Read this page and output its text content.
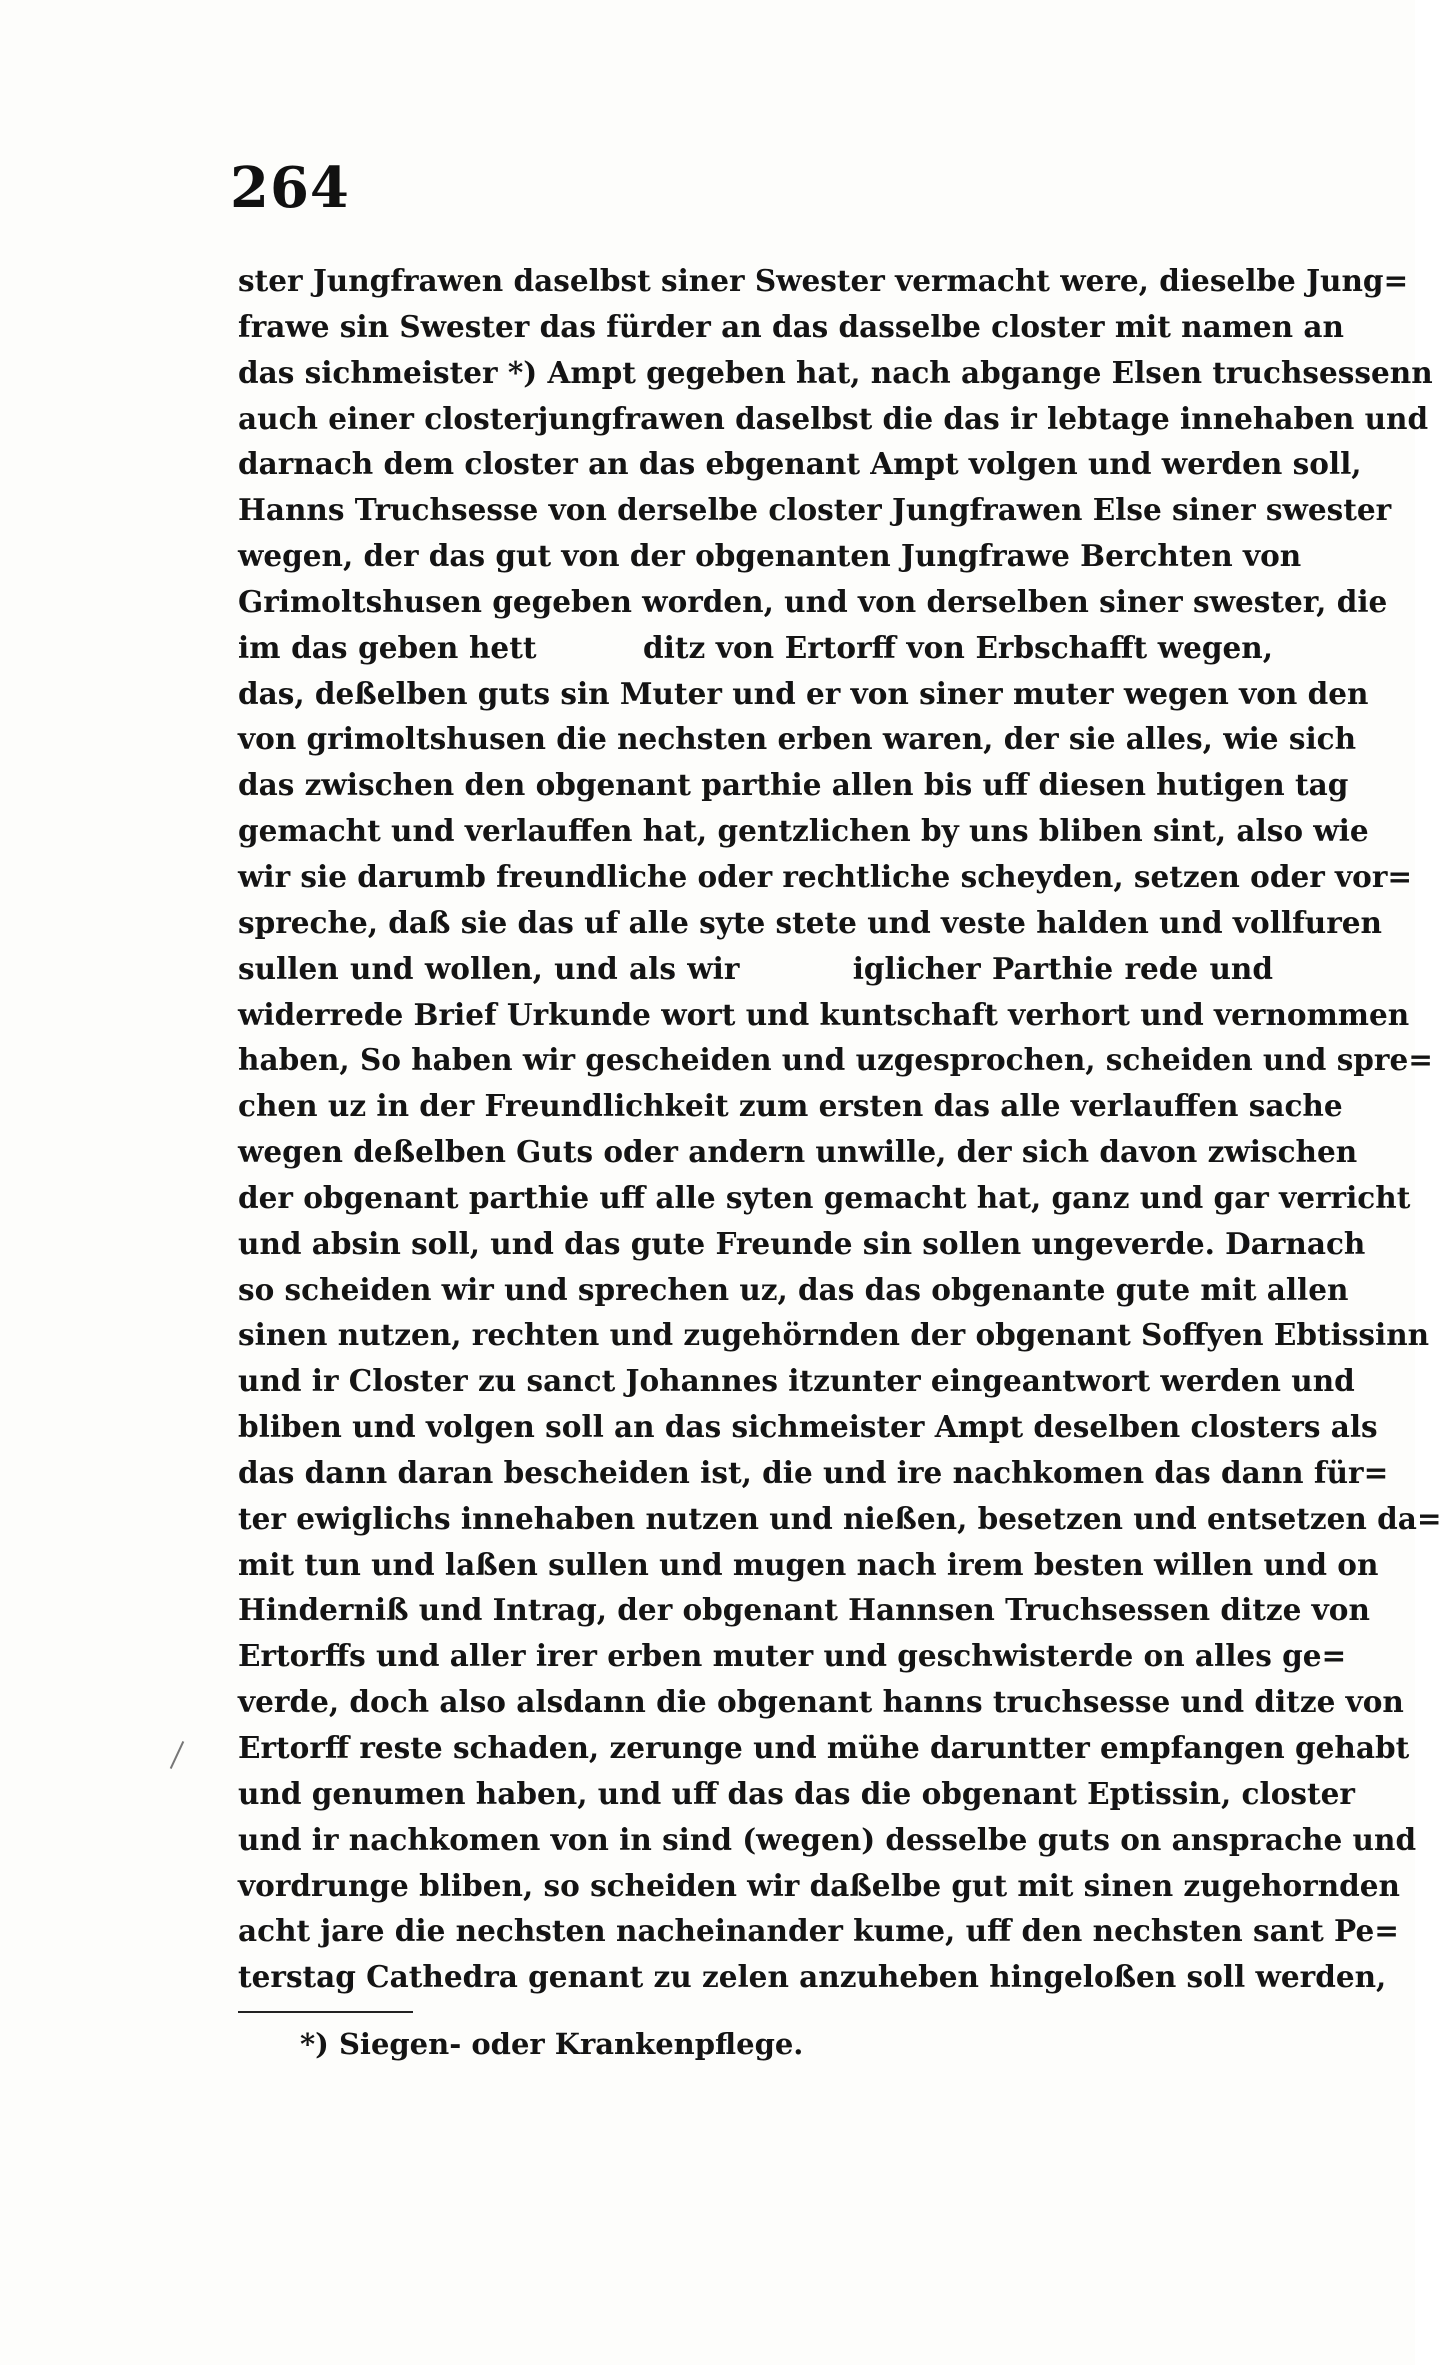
264
ster Jungfrawen daselbst siner Swester vermacht were, dieselbe Jung=
frawe sin Swester das fürder an das dasselbe closter mit namen an
das sichmeister *) Ampt gegeben hat, nach abgange Elsen truchsessenn
auch einer closterjungfrawen daselbst die das ir lebtage innehaben und
darnach dem closter an das ebgenant Ampt volgen und werden soll,
Hanns Truchsesse von derselbe closter Jungfrawen Else siner swester
wegen, der das gut von der obgenanten Jungfrawe Berchten von
Grimoltshusen gegeben worden, und von derselben siner swester, die
im das geben hett          ditz von Ertorff von Erbschafft wegen,
das, deßelben guts sin Muter und er von siner muter wegen von den
von grimoltshusen die nechsten erben waren, der sie alles, wie sich
das zwischen den obgenant parthie allen bis uff diesen hutigen tag
gemacht und verlauffen hat, gentzlichen by uns bliben sint, also wie
wir sie darumb freundliche oder rechtliche scheyden, setzen oder vor=
spreche, daß sie das uf alle syte stete und veste halden und vollfuren
sullen und wollen, und als wir          iglicher Parthie rede und
widerrede Brief Urkunde wort und kuntschaft verhort und vernommen
haben, So haben wir gescheiden und uzgesprochen, scheiden und spre=
chen uz in der Freundlichkeit zum ersten das alle verlauffen sache
wegen deßelben Guts oder andern unwille, der sich davon zwischen
der obgenant parthie uff alle syten gemacht hat, ganz und gar verricht
und absin soll, und das gute Freunde sin sollen ungeverde. Darnach
so scheiden wir und sprechen uz, das das obgenante gute mit allen
sinen nutzen, rechten und zugehörnden der obgenant Soffyen Ebtissinn
und ir Closter zu sanct Johannes itzunter eingeantwort werden und
bliben und volgen soll an das sichmeister Ampt deselben closters als
das dann daran bescheiden ist, die und ire nachkomen das dann für=
ter ewiglichs innehaben nutzen und nießen, besetzen und entsetzen da=
mit tun und laßen sullen und mugen nach irem besten willen und on
Hinderniß und Intrag, der obgenant Hannsen Truchsessen ditze von
Ertorffs und aller irer erben muter und geschwisterde on alles ge=
verde, doch also alsdann die obgenant hanns truchsesse und ditze von
Ertorff reste schaden, zerunge und mühe daruntter empfangen gehabt
und genumen haben, und uff das das die obgenant Eptissin, closter
und ir nachkomen von in sind (wegen) desselbe guts on ansprache und
vordrunge bliben, so scheiden wir daßelbe gut mit sinen zugehornden
acht jare die nechsten nacheinander kume, uff den nechsten sant Pe=
terstag Cathedra genant zu zelen anzuheben hingeloßen soll werden,
*) Siegen- oder Krankenpflege.
